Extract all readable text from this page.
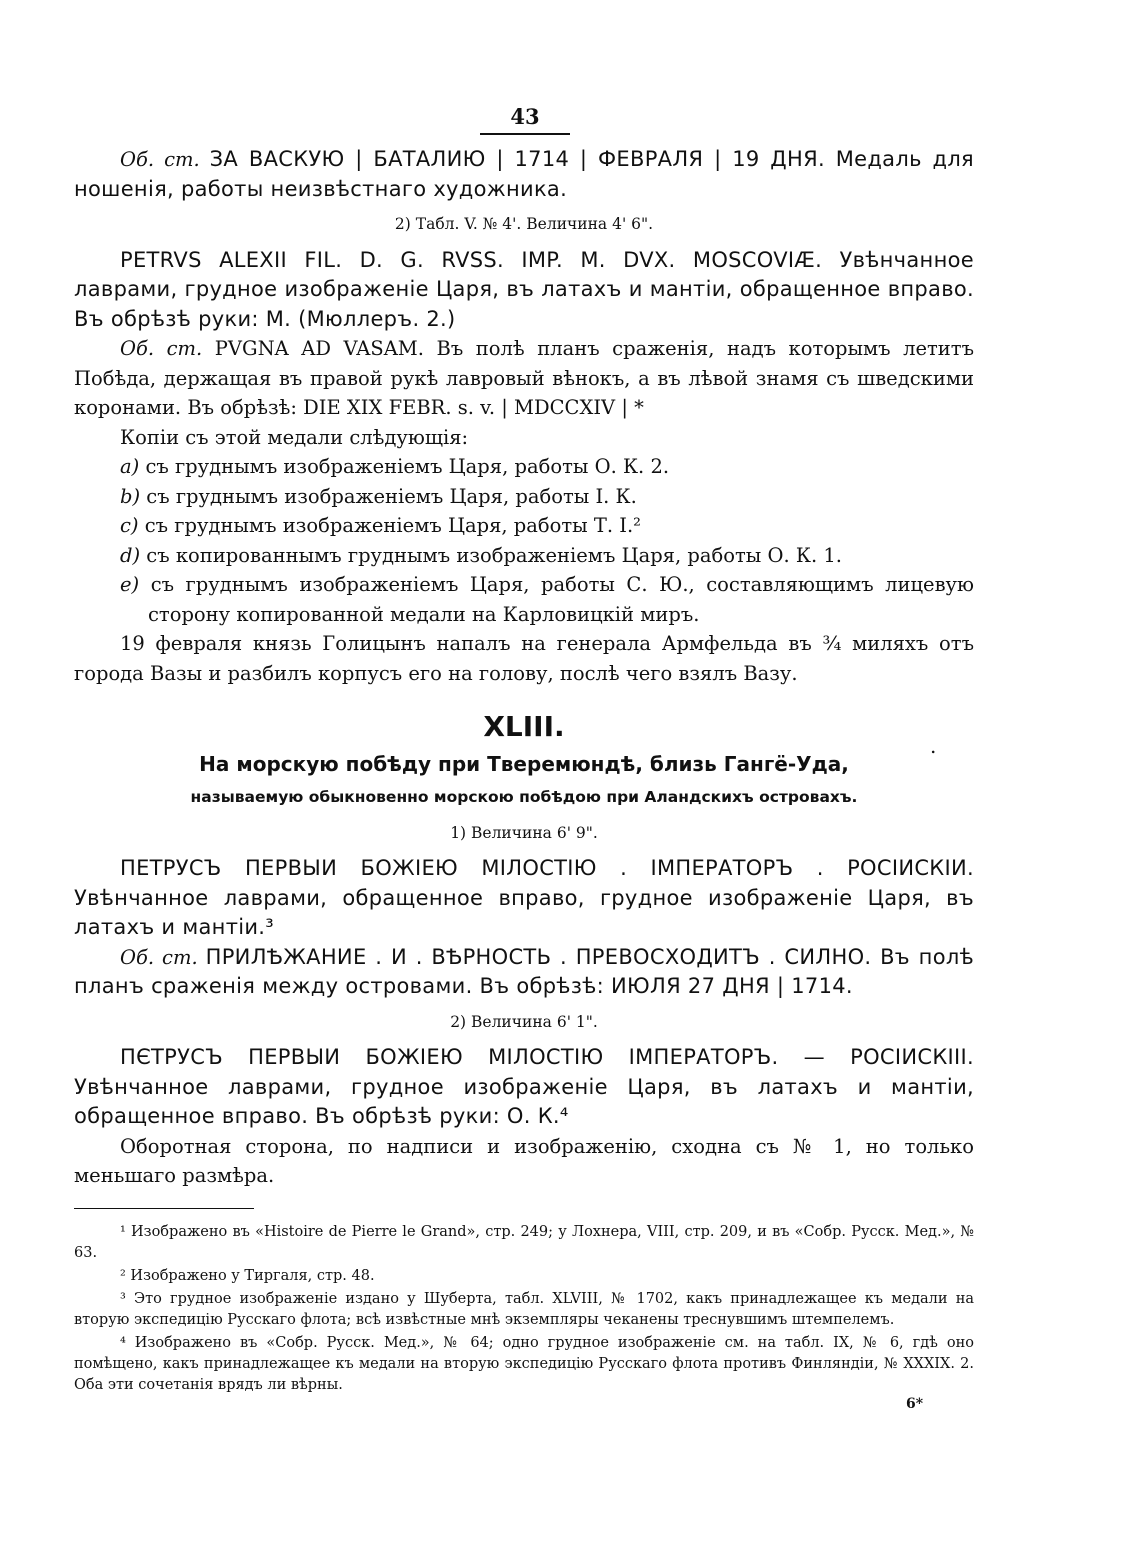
43

Об. ст. ЗА ВАСКУЮ | БАТАЛИЮ | 1714 | ФЕВРАЛЯ | 19 ДНЯ. Медаль для ношенія, работы неизвѣстнаго художника.

2) Табл. V. № 4'. Величина 4' 6".

PETRVS ALEXII FIL. D. G. RVSS. IMP. M. DVX. MOSCOVIÆ. Увѣнчанное лаврами, грудное изображеніе Царя, въ латахъ и мантіи, обращенное вправо. Въ обрѣзѣ руки: М. (Мюллеръ. 2.)

Об. ст. PVGNA AD VASAM. Въ полѣ планъ сраженія, надъ которымъ летитъ Побѣда, держащая въ правой рукѣ лавровый вѣнокъ, а въ лѣвой знамя съ шведскими коронами. Въ обрѣзѣ: DIE XIX FEBR. s. v. | MDCCXIV | *

Копіи съ этой медали слѣдующія:

a) съ груднымъ изображеніемъ Царя, работы О. К. 2.

b) съ груднымъ изображеніемъ Царя, работы І. К.

c) съ груднымъ изображеніемъ Царя, работы Т. І.²

d) съ копированнымъ груднымъ изображеніемъ Царя, работы О. К. 1.

e) съ груднымъ изображеніемъ Царя, работы С. Ю., составляющимъ лицевую сторону копированной медали на Карловицкій миръ.

19 февраля князь Голицынъ напалъ на генерала Армфельда въ ¾ миляхъ отъ города Вазы и разбилъ корпусъ его на голову, послѣ чего взялъ Вазу.

XLIII.

На морскую побѣду при Тверемюндѣ, близь Гангё-Уда,

называемую обыкновенно морскою побѣдою при Аландскихъ островахъ.

1) Величина 6' 9".

ПЕТРУСЪ ПЕРВЫИ БОЖІЕЮ МІЛОСТІЮ . ІМПЕРАТОРЪ . РОСІИСКІИ. Увѣнчанное лаврами, обращенное вправо, грудное изображеніе Царя, въ латахъ и мантіи.³

Об. ст. ПРИЛѢЖАНИЕ . И . ВѢРНОСТЬ . ПРЕВОСХОДИТЪ . СИЛНО. Въ полѣ планъ сраженія между островами. Въ обрѣзѣ: ИЮЛЯ 27 ДНЯ | 1714.

2) Величина 6' 1".

ПЄТРУСЪ ПЕРВЫИ БОЖІЕЮ МІЛОСТІЮ ІМПЕРАТОРЪ. — РОСІИСКІІІ. Увѣнчанное лаврами, грудное изображеніе Царя, въ латахъ и мантіи, обращенное вправо. Въ обрѣзѣ руки: О. К.⁴

Оборотная сторона, по надписи и изображенію, сходна съ № 1, но только меньшаго размѣра.

.

¹ Изображено въ «Histoire de Pierre le Grand», стр. 249; у Лохнера, VIII, стр. 209, и въ «Собр. Русск. Мед.», № 63.

² Изображено у Тиргаля, стр. 48.

³ Это грудное изображеніе издано у Шуберта, табл. XLVIII, № 1702, какъ принадлежащее къ медали на вторую экспедицію Русскаго флота; всѣ извѣстные мнѣ экземпляры чеканены треснувшимъ штемпелемъ.

⁴ Изображено въ «Собр. Русск. Мед.», № 64; одно грудное изображеніе см. на табл. IX, № 6, гдѣ оно помѣщено, какъ принадлежащее къ медали на вторую экспедицію Русскаго флота противъ Финляндіи, № XXXIX. 2. Оба эти сочетанія врядъ ли вѣрны.

6*
